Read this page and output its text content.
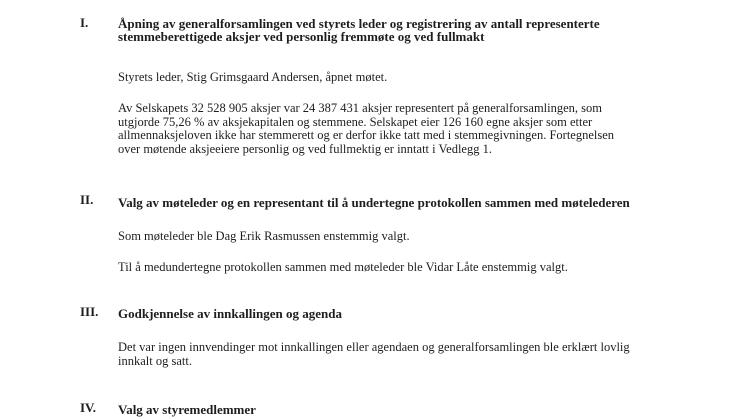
I. Åpning av generalforsamlingen ved styrets leder og registrering av antall representerte
stemmeberettigede aksjer ved personlig fremmøte og ved fullmakt
Styrets leder, Stig Grimsgaard Andersen, åpnet møtet.
Av Selskapets 32 528 905 aksjer var 24 387 431 aksjer representert på generalforsamlingen, som
utgjorde 75,26 % av aksjekapitalen og stemmene. Selskapet eier 126 160 egne aksjer som etter
allmennaksjeloven ikke har stemmerett og er derfor ikke tatt med i stemmegivningen. Fortegnelsen
over møtende aksjeeiere personlig og ved fullmektig er inntatt i Vedlegg 1.
II. Valg av møteleder og en representant til å undertegne protokollen sammen med møtelederen
Som møteleder ble Dag Erik Rasmussen enstemmig valgt.
Til å medundertegne protokollen sammen med møteleder ble Vidar Låte enstemmig valgt.
III. Godkjennelse av innkallingen og agenda
Det var ingen innvendinger mot innkallingen eller agendaen og generalforsamlingen ble erklært lovlig
innkalt og satt.
IV. Valg av styremedlemmer
